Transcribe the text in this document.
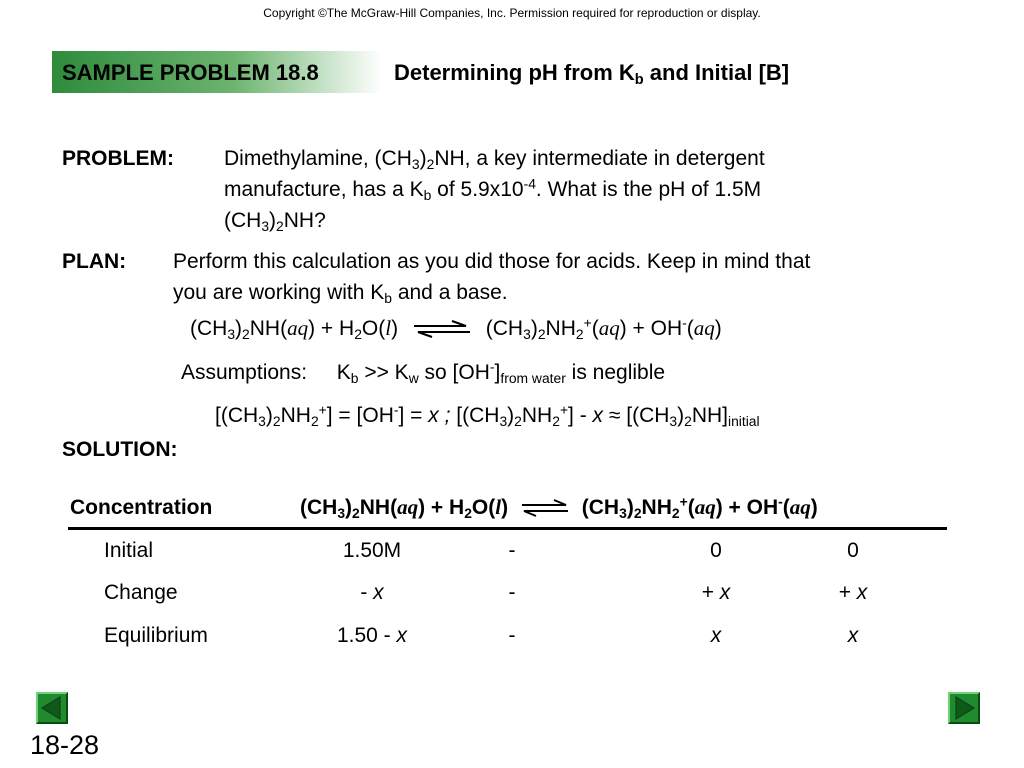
Copyright ©The McGraw-Hill Companies, Inc. Permission required for reproduction or display.
SAMPLE PROBLEM 18.8	Determining pH from $K_b$ and Initial [B]
PROBLEM: Dimethylamine, $(CH_3)_2NH$, a key intermediate in detergent
manufacture, has a $K_b$ of $5.9x10^{-4}$. What is the pH of 1.5M
$(CH_3)_2NH$?
PLAN: Perform this calculation as you did those for acids. Keep in mind that
you are working with $K_b$ and a base.
$(CH_3)_2NH(aq) + H_2O(l)$ ⇌ $(CH_3)_2NH_2^+(aq) + OH^-(aq)$
Assumptions: $K_b >> K_w$ so $[OH^-]_{from water}$ is neglible
$[(CH_3)_2NH_2^+] = [OH^-] = x$ ; $[(CH_3)_2NH_2^+] - x \approx [(CH_3)_2NH]_{initial}$
SOLUTION:
Concentration	$(CH_3)_2NH(aq) + H_2O(l)$	$(CH_3)_2NH_2^+(aq) + OH^-(aq)$
Initial	1.50M	-	0	0
Change	- x	-	+ x	+ x
Equilibrium	1.50 - x	-	x	x
18-28
